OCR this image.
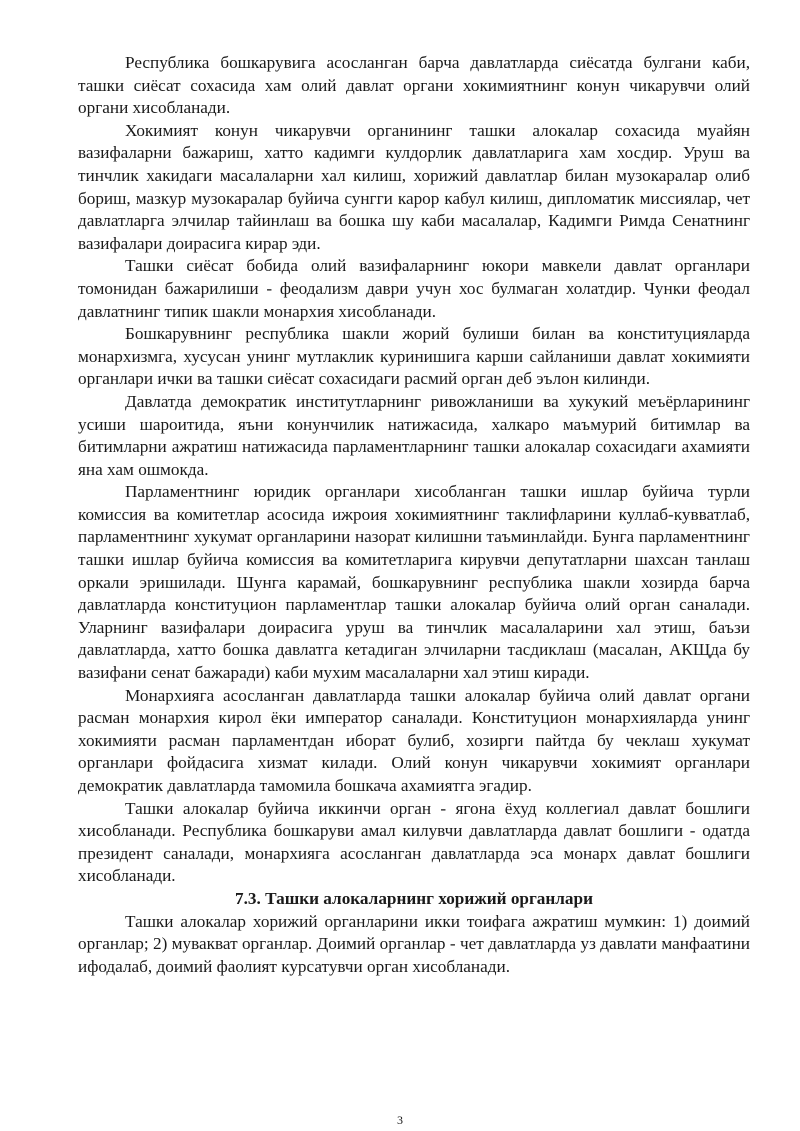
Республика бошкарувига асосланган барча давлатларда сиёсатда булгани каби, ташки сиёсат сохасида хам олий давлат органи хокимиятнинг конун чикарувчи олий органи хисобланади.

Хокимият конун чикарувчи органининг ташки алокалар сохасида муайян вазифаларни бажариш, хатто кадимги кулдорлик давлатларига хам хосдир. Уруш ва тинчлик хакидаги масалаларни хал килиш, хорижий давлатлар билан музокаралар олиб бориш, мазкур музокаралар буйича сунгги карор кабул килиш, дипломатик миссиялар, чет давлатларга элчилар тайинлаш ва бошка шу каби масалалар, Кадимги Римда Сенатнинг вазифалари доирасига кирар эди.

Ташки сиёсат бобида олий вазифаларнинг юкори мавкели давлат органлари томонидан бажарилиши - феодализм даври учун хос булмаган холатдир. Чунки феодал давлатнинг типик шакли монархия хисобланади.

Бошкарувнинг республика шакли жорий булиши билан ва конституцияларда монархизмга, хусусан унинг мутлаклик куринишига карши сайланиши давлат хокимияти органлари ички ва ташки сиёсат сохасидаги расмий орган деб эълон килинди.

Давлатда демократик институтларнинг ривожланиши ва хукукий меъёрларининг усиши шароитида, яъни конунчилик натижасида, халкаро маъмурий битимлар ва битимларни ажратиш натижасида парламентларнинг ташки алокалар сохасидаги ахамияти яна хам ошмокда.

Парламентнинг юридик органлари хисобланган ташки ишлар буйича турли комиссия ва комитетлар асосида ижроия хокимиятнинг таклифларини куллаб-кувватлаб, парламентнинг хукумат органларини назорат килишни таъминлайди. Бунга парламентнинг ташки ишлар буйича комиссия ва комитетларига кирувчи депутатларни шахсан танлаш оркали эришилади. Шунга карамай, бошкарувнинг республика шакли хозирда барча давлатларда конституцион парламентлар ташки алокалар буйича олий орган саналади. Уларнинг вазифалари доирасига уруш ва тинчлик масалаларини хал этиш, баъзи давлатларда, хатто бошка давлатга кетадиган элчиларни тасдиклаш (масалан, АКЩда бу вазифани сенат бажаради) каби мухим масалаларни хал этиш киради.

Монархияга асосланган давлатларда ташки алокалар буйича олий давлат органи расман монархия кирол ёки император саналади. Конституцион монархияларда унинг хокимияти расман парламентдан иборат булиб, хозирги пайтда бу чеклаш хукумат органлари фойдасига хизмат килади. Олий конун чикарувчи хокимият органлари демократик давлатларда тамомила бошкача ахамиятга эгадир.

Ташки алокалар буйича иккинчи орган - ягона ёхуд коллегиал давлат бошлиги хисобланади. Республика бошкаруви амал килувчи давлатларда давлат бошлиги - одатда президент саналади, монархияга асосланган давлатларда эса монарх давлат бошлиги хисобланади.

7.3. Ташки алокаларнинг хорижий органлари

Ташки алокалар хорижий органларини икки тоифага ажратиш мумкин: 1) доимий органлар; 2) мувакват органлар. Доимий органлар - чет давлатларда уз давлати манфаатини ифодалаб, доимий фаолият курсатувчи орган хисобланади.

3
